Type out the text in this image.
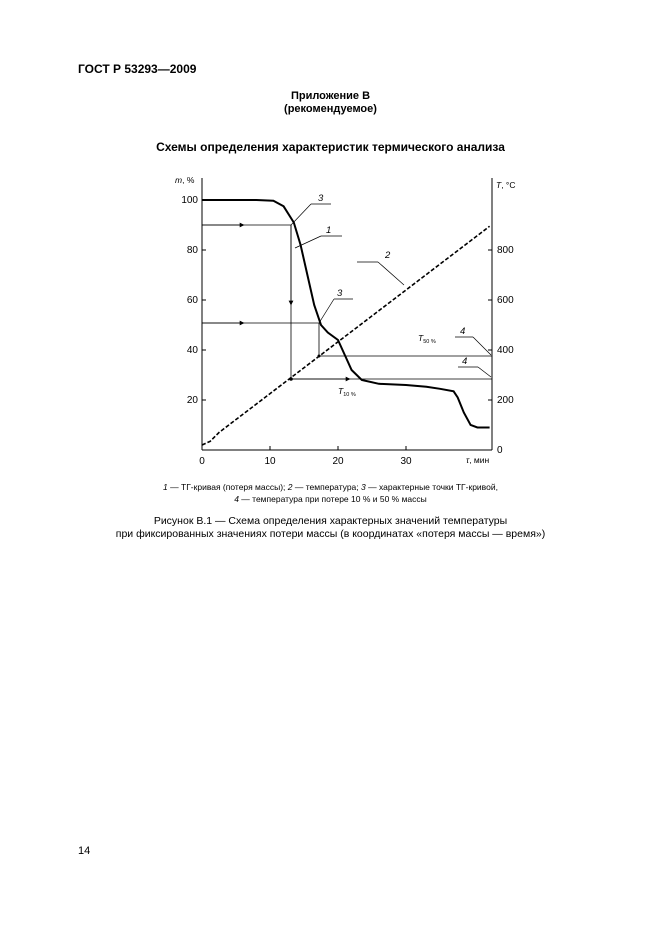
ГОСТ Р 53293—2009
Приложение В
(рекомендуемое)
Схемы определения характеристик термического анализа
m, %	T, °C
τ, мин
100
80
60
40
20
800
600
400
200
0
0	10	20	30
1
2
3
3
4
4
$T_{50 \%}$
$T_{10 \%}$
1 — ТГ-кривая (потеря массы); 2 — температура; 3 — характерные точки ТГ-кривой,
4 — температура при потере 10 % и 50 % массы
Рисунок В.1 — Схема определения характерных значений температуры
при фиксированных значениях потери массы (в координатах «потеря массы — время»)
14
